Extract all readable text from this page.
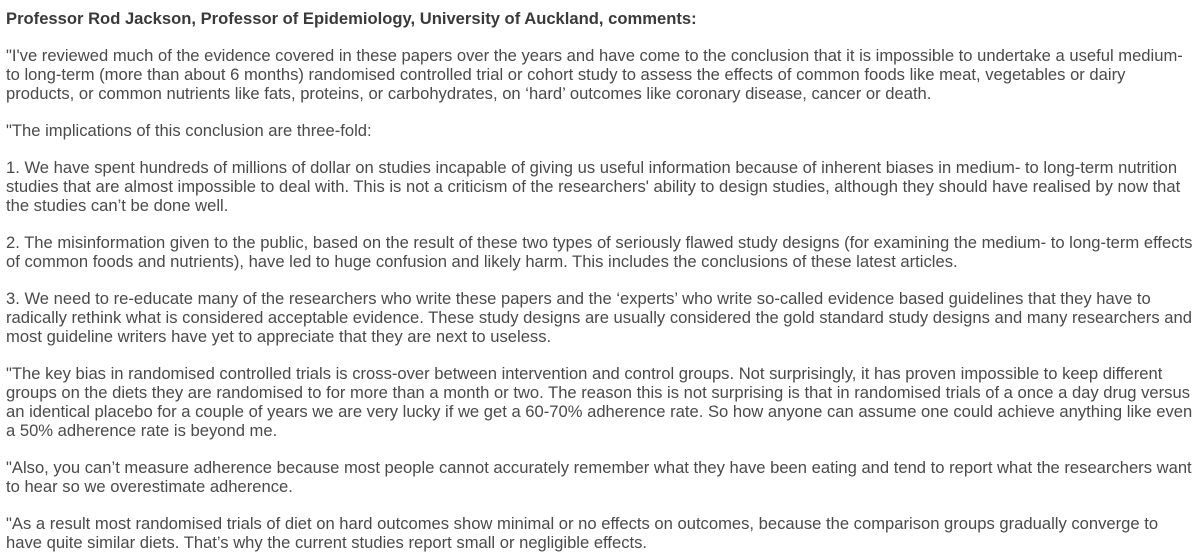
Professor Rod Jackson, Professor of Epidemiology, University of Auckland, comments:

"I've reviewed much of the evidence covered in these papers over the years and have come to the conclusion that it is impossible to undertake a useful medium- to long-term (more than about 6 months) randomised controlled trial or cohort study to assess the effects of common foods like meat, vegetables or dairy products, or common nutrients like fats, proteins, or carbohydrates, on ‘hard’ outcomes like coronary disease, cancer or death.

"The implications of this conclusion are three-fold:

1. We have spent hundreds of millions of dollar on studies incapable of giving us useful information because of inherent biases in medium- to long-term nutrition studies that are almost impossible to deal with. This is not a criticism of the researchers' ability to design studies, although they should have realised by now that the studies can’t be done well.

2. The misinformation given to the public, based on the result of these two types of seriously flawed study designs (for examining the medium- to long-term effects of common foods and nutrients), have led to huge confusion and likely harm. This includes the conclusions of these latest articles.

3. We need to re-educate many of the researchers who write these papers and the ‘experts’ who write so-called evidence based guidelines that they have to radically rethink what is considered acceptable evidence. These study designs are usually considered the gold standard study designs and many researchers and most guideline writers have yet to appreciate that they are next to useless.

"The key bias in randomised controlled trials is cross-over between intervention and control groups. Not surprisingly, it has proven impossible to keep different groups on the diets they are randomised to for more than a month or two. The reason this is not surprising is that in randomised trials of a once a day drug versus an identical placebo for a couple of years we are very lucky if we get a 60-70% adherence rate. So how anyone can assume one could achieve anything like even a 50% adherence rate is beyond me.

"Also, you can’t measure adherence because most people cannot accurately remember what they have been eating and tend to report what the researchers want to hear so we overestimate adherence.

"As a result most randomised trials of diet on hard outcomes show minimal or no effects on outcomes, because the comparison groups gradually converge to have quite similar diets. That’s why the current studies report small or negligible effects.
